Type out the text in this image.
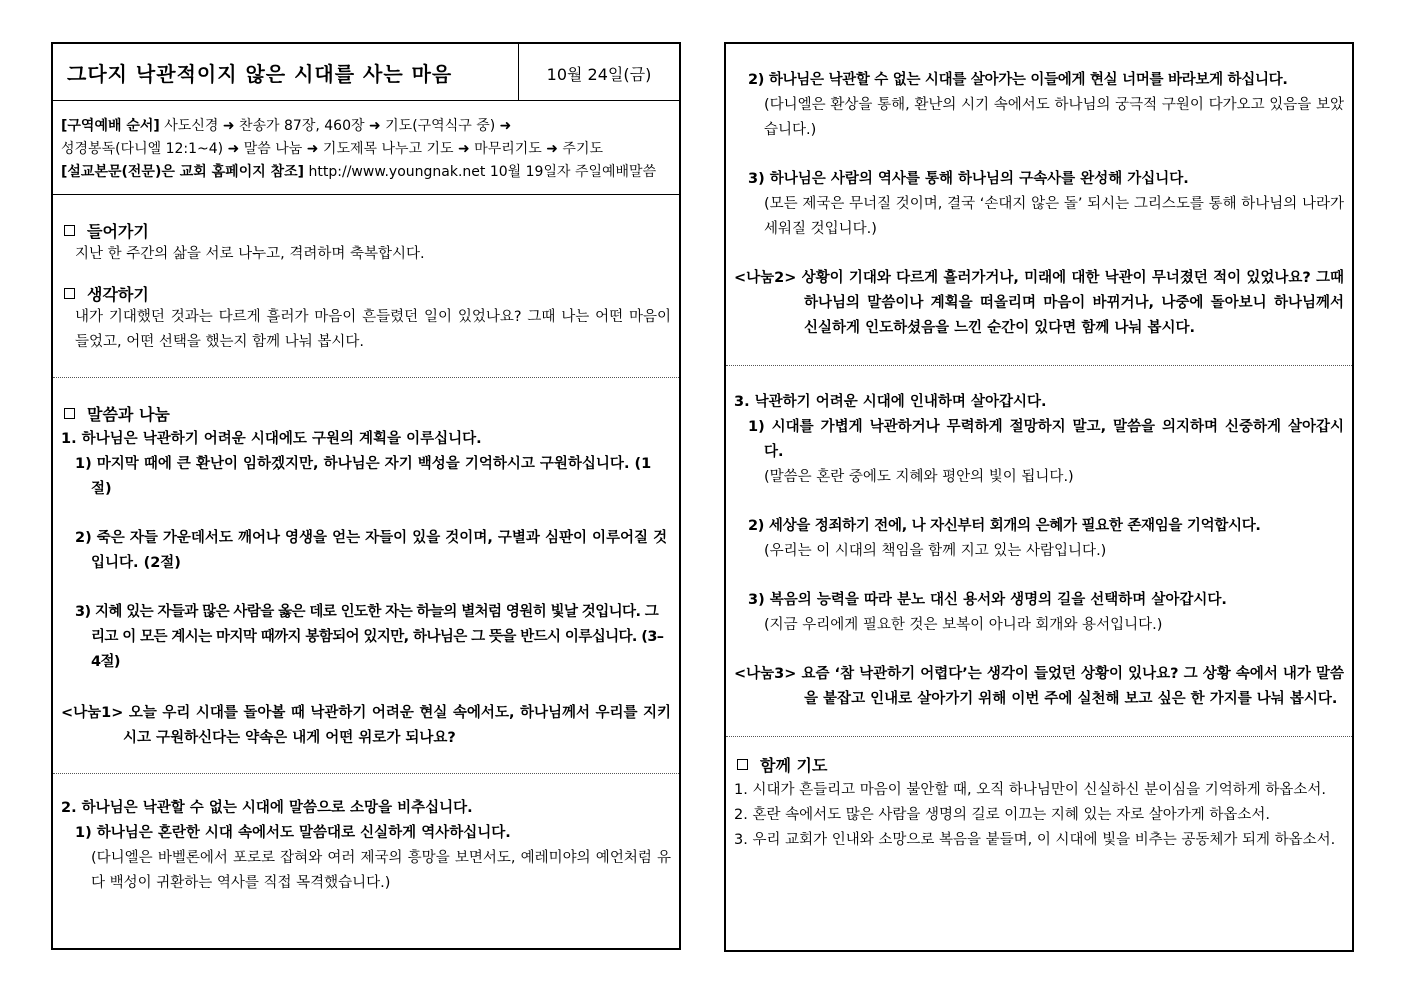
그다지 낙관적이지 않은 시대를 사는 마음	10월 24일(금)

[구역예배 순서] 사도신경 ➜ 찬송가 87장, 460장 ➜ 기도(구역식구 중) ➜

성경봉독(다니엘 12:1~4) ➜ 말씀 나눔 ➜ 기도제목 나누고 기도 ➜ 마무리기도 ➜ 주기도

[설교본문(전문)은 교회 홈페이지 참조] http://www.youngnak.net 10월 19일자 주일예배말씀

들어가기

지난 한 주간의 삶을 서로 나누고, 격려하며 축복합시다.

생각하기

내가 기대했던 것과는 다르게 흘러가 마음이 흔들렸던 일이 있었나요? 그때 나는 어떤 마음이 들었고, 어떤 선택을 했는지 함께 나눠 봅시다.

말씀과 나눔

1. 하나님은 낙관하기 어려운 시대에도 구원의 계획을 이루십니다.

1) 마지막 때에 큰 환난이 임하겠지만, 하나님은 자기 백성을 기억하시고 구원하십니다. (1절)

2) 죽은 자들 가운데서도 깨어나 영생을 얻는 자들이 있을 것이며, 구별과 심판이 이루어질 것입니다. (2절)

3) 지혜 있는 자들과 많은 사람을 옳은 데로 인도한 자는 하늘의 별처럼 영원히 빛날 것입니다. 그리고 이 모든 계시는 마지막 때까지 봉함되어 있지만, 하나님은 그 뜻을 반드시 이루십니다. (3–4절)

<나눔1> 오늘 우리 시대를 돌아볼 때 낙관하기 어려운 현실 속에서도, 하나님께서 우리를 지키시고 구원하신다는 약속은 내게 어떤 위로가 되나요?

2. 하나님은 낙관할 수 없는 시대에 말씀으로 소망을 비추십니다.

1) 하나님은 혼란한 시대 속에서도 말씀대로 신실하게 역사하십니다.

(다니엘은 바벨론에서 포로로 잡혀와 여러 제국의 흥망을 보면서도, 예레미야의 예언처럼 유다 백성이 귀환하는 역사를 직접 목격했습니다.)

2) 하나님은 낙관할 수 없는 시대를 살아가는 이들에게 현실 너머를 바라보게 하십니다.

(다니엘은 환상을 통해, 환난의 시기 속에서도 하나님의 궁극적 구원이 다가오고 있음을 보았습니다.)

3) 하나님은 사람의 역사를 통해 하나님의 구속사를 완성해 가십니다.

(모든 제국은 무너질 것이며, 결국 ‘손대지 않은 돌’ 되시는 그리스도를 통해 하나님의 나라가 세워질 것입니다.)

<나눔2> 상황이 기대와 다르게 흘러가거나, 미래에 대한 낙관이 무너졌던 적이 있었나요? 그때 하나님의 말씀이나 계획을 떠올리며 마음이 바뀌거나, 나중에 돌아보니 하나님께서 신실하게 인도하셨음을 느낀 순간이 있다면 함께 나눠 봅시다.

3. 낙관하기 어려운 시대에 인내하며 살아갑시다.

1) 시대를 가볍게 낙관하거나 무력하게 절망하지 말고, 말씀을 의지하며 신중하게 살아갑시다.

(말씀은 혼란 중에도 지혜와 평안의 빛이 됩니다.)

2) 세상을 정죄하기 전에, 나 자신부터 회개의 은혜가 필요한 존재임을 기억합시다.

(우리는 이 시대의 책임을 함께 지고 있는 사람입니다.)

3) 복음의 능력을 따라 분노 대신 용서와 생명의 길을 선택하며 살아갑시다.

(지금 우리에게 필요한 것은 보복이 아니라 회개와 용서입니다.)

<나눔3> 요즘 ‘참 낙관하기 어렵다’는 생각이 들었던 상황이 있나요? 그 상황 속에서 내가 말씀을 붙잡고 인내로 살아가기 위해 이번 주에 실천해 보고 싶은 한 가지를 나눠 봅시다.

함께 기도

1. 시대가 흔들리고 마음이 불안할 때, 오직 하나님만이 신실하신 분이심을 기억하게 하옵소서.

2. 혼란 속에서도 많은 사람을 생명의 길로 이끄는 지혜 있는 자로 살아가게 하옵소서.

3. 우리 교회가 인내와 소망으로 복음을 붙들며, 이 시대에 빛을 비추는 공동체가 되게 하옵소서.
